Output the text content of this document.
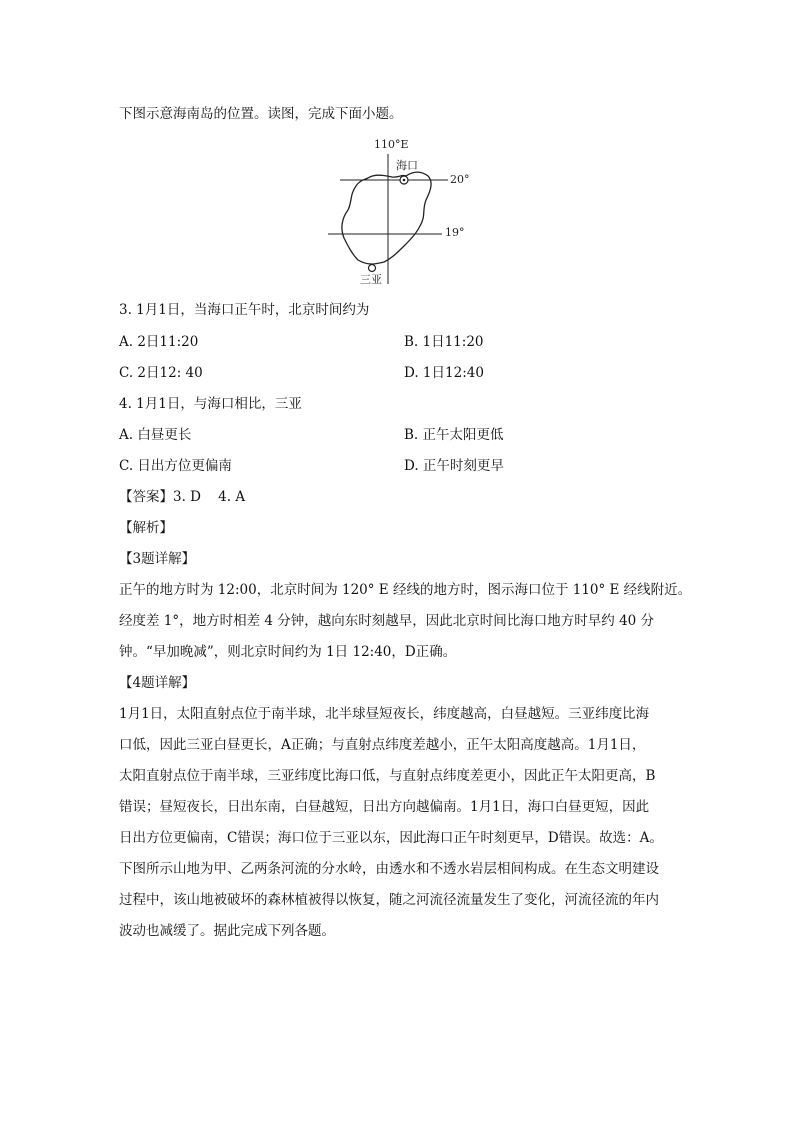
下图示意海南岛的位置。读图，完成下面小题。
110°E
海口
20°
19°
三亚
3. 1月1日，当海口正午时，北京时间约为
A. 2日11:20	B. 1日11:20
C. 2日12: 40	D. 1日12:40
4. 1月1日，与海口相比，三亚
A. 白昼更长	B. 正午太阳更低
C. 日出方位更偏南	D. 正午时刻更早
【答案】3. D    4. A
【解析】
【3题详解】
正午的地方时为 12:00，北京时间为 120° E 经线的地方时，图示海口位于 110° E 经线附近。
经度差 1°，地方时相差 4 分钟，越向东时刻越早，因此北京时间比海口地方时早约 40 分
钟。“早加晚减”，则北京时间约为 1日 12:40，D正确。
【4题详解】
1月1日，太阳直射点位于南半球，北半球昼短夜长，纬度越高，白昼越短。三亚纬度比海
口低，因此三亚白昼更长，A正确；与直射点纬度差越小，正午太阳高度越高。1月1日，
太阳直射点位于南半球，三亚纬度比海口低，与直射点纬度差更小，因此正午太阳更高，B
错误；昼短夜长，日出东南，白昼越短，日出方向越偏南。1月1日，海口白昼更短，因此
日出方位更偏南，C错误；海口位于三亚以东，因此海口正午时刻更早，D错误。故选：A。
下图所示山地为甲、乙两条河流的分水岭，由透水和不透水岩层相间构成。在生态文明建设
过程中，该山地被破坏的森林植被得以恢复，随之河流径流量发生了变化，河流径流的年内
波动也减缓了。据此完成下列各题。
